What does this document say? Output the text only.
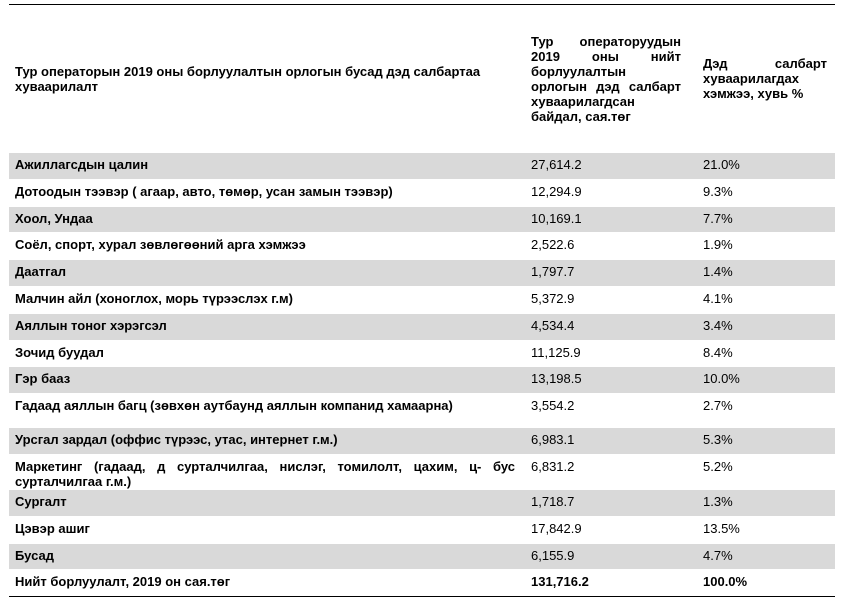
Тур операторын 2019 оны борлуулалтын орлогын бусад дэд салбартаа хуваарилалт	Тур операторуудын 2019 оны нийт борлуулалтын орлогын дэд салбарт хуваарилагдсан байдал, сая.төг	Дэд салбарт хуваарилагдах хэмжээ, хувь %
Ажиллагсдын цалин	27,614.2	21.0%
Дотоодын тээвэр ( агаар, авто, төмөр, усан замын тээвэр)	12,294.9	9.3%
Хоол, Ундаа	10,169.1	7.7%
Соёл, спорт, хурал зөвлөгөөний арга хэмжээ	2,522.6	1.9%
Даатгал	1,797.7	1.4%
Малчин айл (хоноглох, морь түрээслэх г.м)	5,372.9	4.1%
Аяллын тоног хэрэгсэл	4,534.4	3.4%
Зочид буудал	11,125.9	8.4%
Гэр бааз	13,198.5	10.0%
Гадаад аяллын багц (зөвхөн аутбаунд аяллын компанид хамаарна)	3,554.2	2.7%
Урсгал зардал (оффис түрээс, утас, интернет г.м.)	6,983.1	5.3%
Маркетинг (гадаад, д сурталчилгаа, нислэг, томилолт, цахим, ц- бус сурталчилгаа г.м.)	6,831.2	5.2%
Сургалт	1,718.7	1.3%
Цэвэр ашиг	17,842.9	13.5%
Бусад	6,155.9	4.7%
Нийт борлуулалт, 2019 он сая.төг	131,716.2	100.0%
